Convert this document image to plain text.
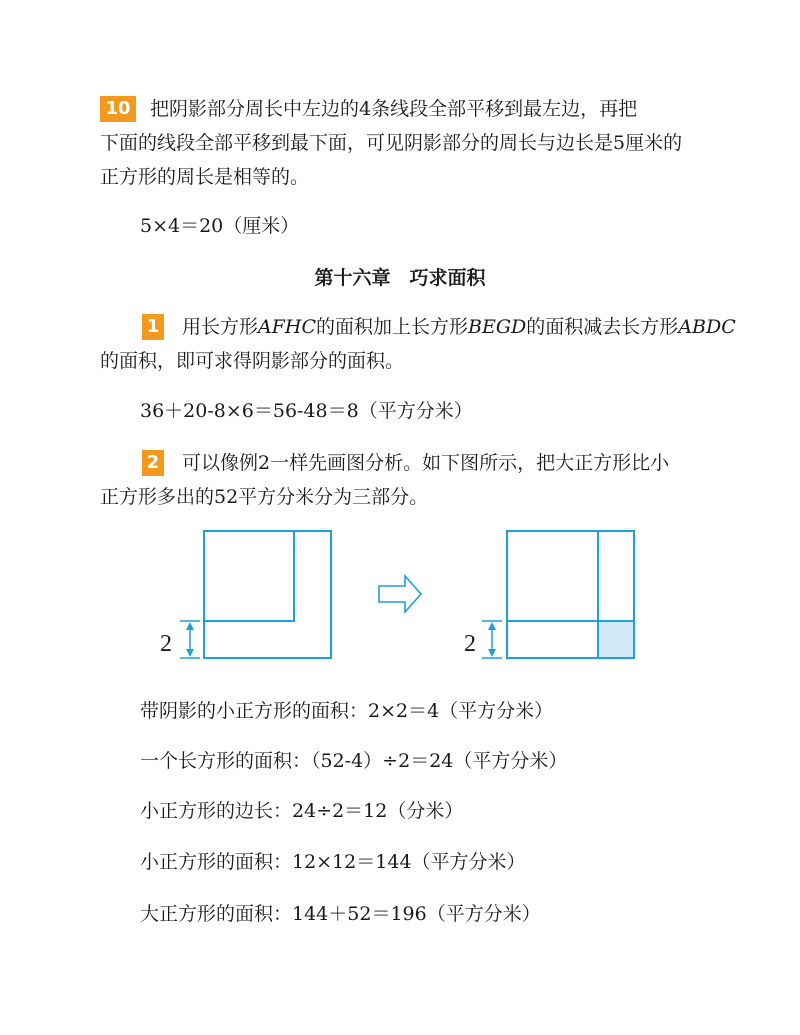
10 把阴影部分周长中左边的4条线段全部平移到最左边，再把
下面的线段全部平移到最下面，可见阴影部分的周长与边长是5厘米的
正方形的周长是相等的。
5×4＝20（厘米）
第十六章　巧求面积
1 用长方形AFHC的面积加上长方形BEGD的面积减去长方形ABDC
的面积，即可求得阴影部分的面积。
36＋20-8×6＝56-48＝8（平方分米）
2 可以像例2一样先画图分析。如下图所示，把大正方形比小
正方形多出的52平方分米分为三部分。
2	2
带阴影的小正方形的面积：2×2＝4（平方分米）
一个长方形的面积：（52-4）÷2＝24（平方分米）
小正方形的边长：24÷2＝12（分米）
小正方形的面积：12×12＝144（平方分米）
大正方形的面积：144＋52＝196（平方分米）
